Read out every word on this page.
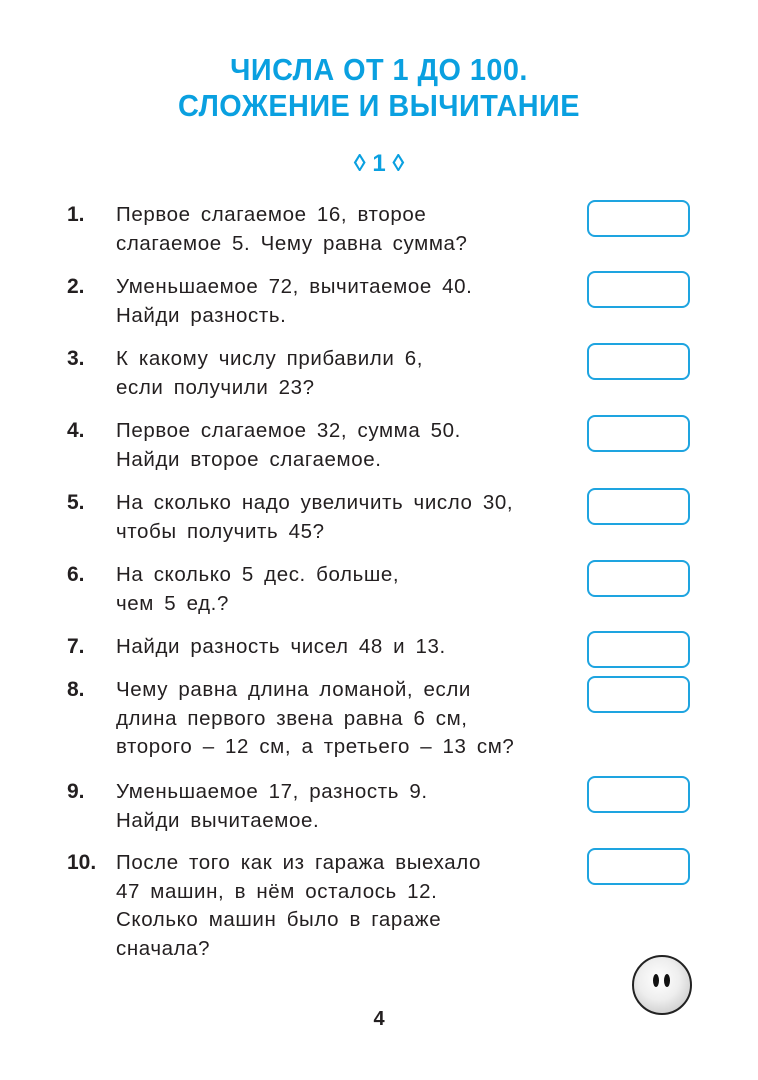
ЧИСЛА ОТ 1 ДО 100.
СЛОЖЕНИЕ И ВЫЧИТАНИЕ
◊ 1 ◊
1. Первое слагаемое 16, второе
слагаемое 5. Чему равна сумма?
2. Уменьшаемое 72, вычитаемое 40.
Найди разность.
3. К какому числу прибавили 6,
если получили 23?
4. Первое слагаемое 32, сумма 50.
Найди второе слагаемое.
5. На сколько надо увеличить число 30,
чтобы получить 45?
6. На сколько 5 дес. больше,
чем 5 ед.?
7. Найди разность чисел 48 и 13.
8. Чему равна длина ломаной, если
длина первого звена равна 6 см,
второго – 12 см, а третьего – 13 см?
9. Уменьшаемое 17, разность 9.
Найди вычитаемое.
10. После того как из гаража выехало
47 машин, в нём осталось 12.
Сколько машин было в гараже
сначала?
4
